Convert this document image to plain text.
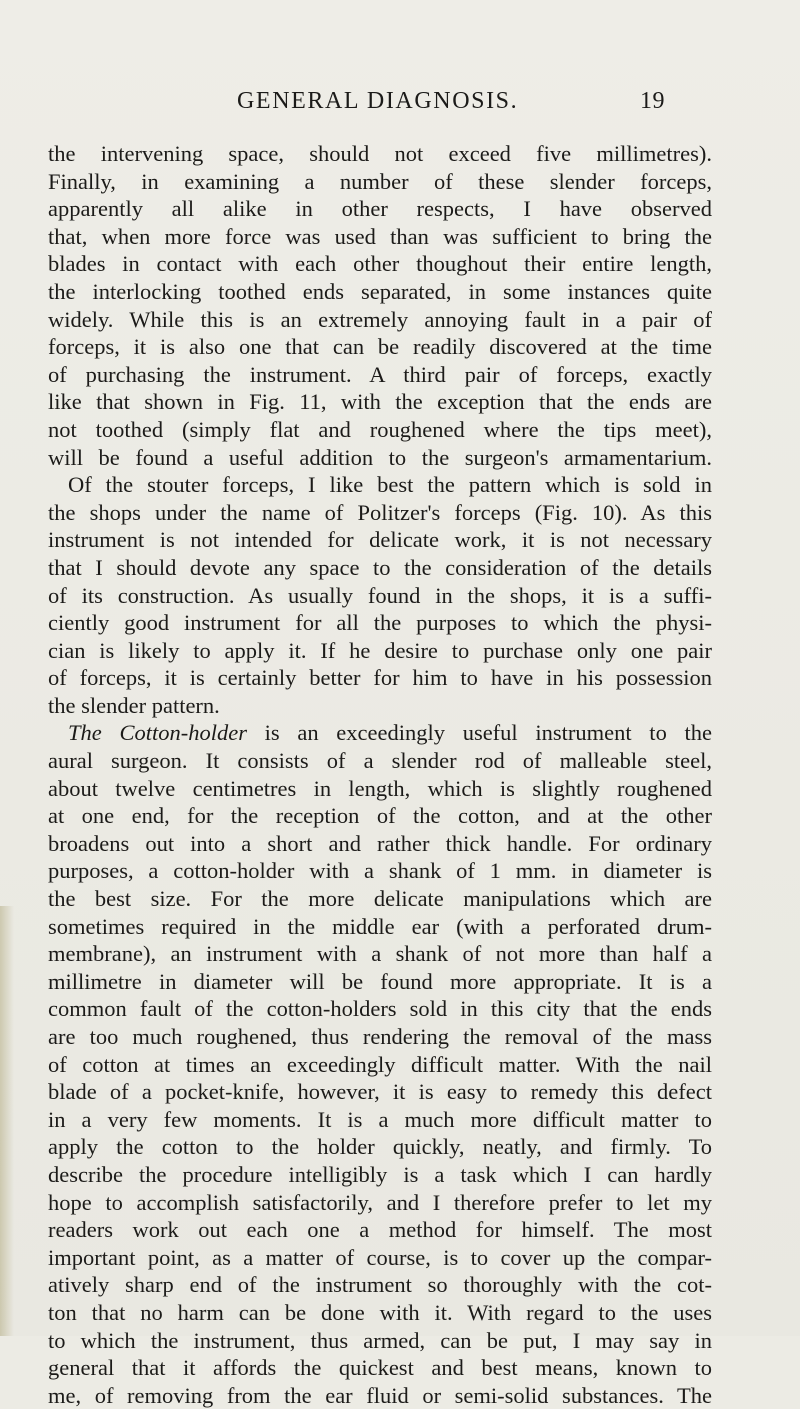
GENERAL DIAGNOSIS.	19
the intervening space, should not exceed five millimetres).
Finally, in examining a number of these slender forceps,
apparently all alike in other respects, I have observed
that, when more force was used than was sufficient to bring the
blades in contact with each other thoughout their entire length,
the interlocking toothed ends separated, in some instances quite
widely. While this is an extremely annoying fault in a pair of
forceps, it is also one that can be readily discovered at the time
of purchasing the instrument. A third pair of forceps, exactly
like that shown in Fig. 11, with the exception that the ends are
not toothed (simply flat and roughened where the tips meet),
will be found a useful addition to the surgeon's armamentarium.
Of the stouter forceps, I like best the pattern which is sold in
the shops under the name of Politzer's forceps (Fig. 10). As this
instrument is not intended for delicate work, it is not necessary
that I should devote any space to the consideration of the details
of its construction. As usually found in the shops, it is a suffi-
ciently good instrument for all the purposes to which the physi-
cian is likely to apply it. If he desire to purchase only one pair
of forceps, it is certainly better for him to have in his possession
the slender pattern.
The Cotton-holder is an exceedingly useful instrument to the
aural surgeon. It consists of a slender rod of malleable steel,
about twelve centimetres in length, which is slightly roughened
at one end, for the reception of the cotton, and at the other
broadens out into a short and rather thick handle. For ordinary
purposes, a cotton-holder with a shank of 1 mm. in diameter is
the best size. For the more delicate manipulations which are
sometimes required in the middle ear (with a perforated drum-
membrane), an instrument with a shank of not more than half a
millimetre in diameter will be found more appropriate. It is a
common fault of the cotton-holders sold in this city that the ends
are too much roughened, thus rendering the removal of the mass
of cotton at times an exceedingly difficult matter. With the nail
blade of a pocket-knife, however, it is easy to remedy this defect
in a very few moments. It is a much more difficult matter to
apply the cotton to the holder quickly, neatly, and firmly. To
describe the procedure intelligibly is a task which I can hardly
hope to accomplish satisfactorily, and I therefore prefer to let my
readers work out each one a method for himself. The most
important point, as a matter of course, is to cover up the compar-
atively sharp end of the instrument so thoroughly with the cot-
ton that no harm can be done with it. With regard to the uses
to which the instrument, thus armed, can be put, I may say in
general that it affords the quickest and best means, known to
me, of removing from the ear fluid or semi-solid substances. The
